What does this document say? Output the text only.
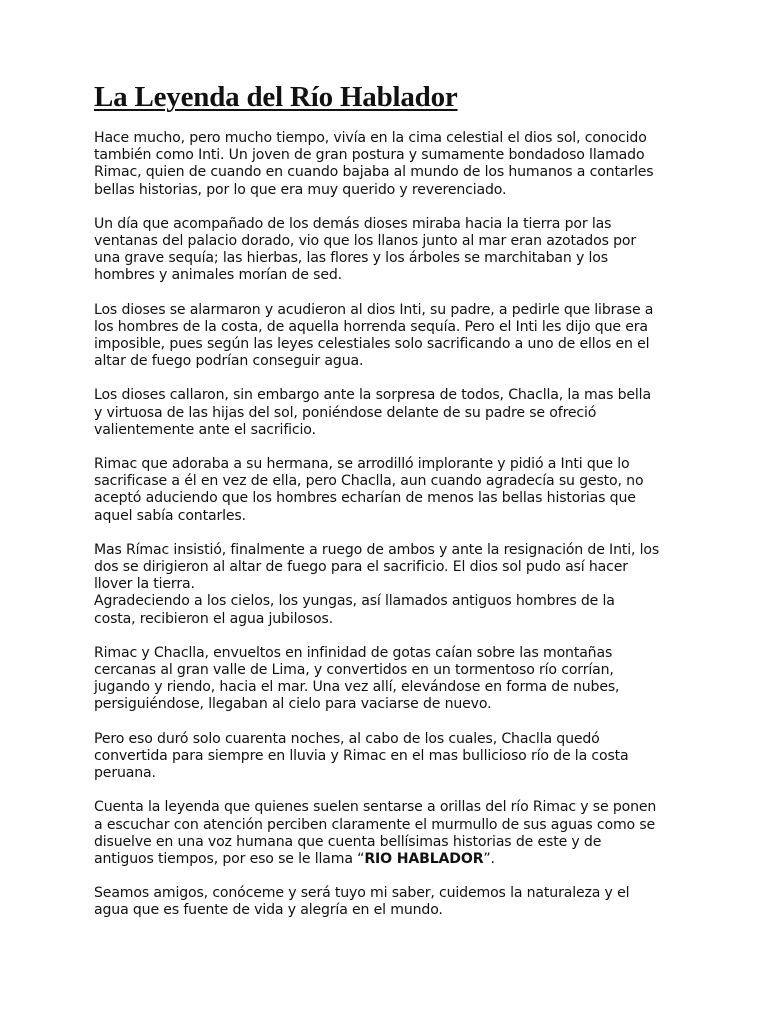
La Leyenda del Río Hablador

Hace mucho, pero mucho tiempo, vivía en la cima celestial el dios sol, conocido
también como Inti. Un joven de gran postura y sumamente bondadoso llamado
Rimac, quien de cuando en cuando bajaba al mundo de los humanos a contarles
bellas historias, por lo que era muy querido y reverenciado.

Un día que acompañado de los demás dioses miraba hacia la tierra por las
ventanas del palacio dorado, vio que los llanos junto al mar eran azotados por
una grave sequía; las hierbas, las flores y los árboles se marchitaban y los
hombres y animales morían de sed.

Los dioses se alarmaron y acudieron al dios Inti, su padre, a pedirle que librase a
los hombres de la costa, de aquella horrenda sequía. Pero el Inti les dijo que era
imposible, pues según las leyes celestiales solo sacrificando a uno de ellos en el
altar de fuego podrían conseguir agua.

Los dioses callaron, sin embargo ante la sorpresa de todos, Chaclla, la mas bella
y virtuosa de las hijas del sol, poniéndose delante de su padre se ofreció
valientemente ante el sacrificio.

Rimac que adoraba a su hermana, se arrodilló implorante y pidió a Inti que lo
sacrificase a él en vez de ella, pero Chaclla, aun cuando agradecía su gesto, no
aceptó aduciendo que los hombres echarían de menos las bellas historias que
aquel sabía contarles.

Mas Rímac insistió, finalmente a ruego de ambos y ante la resignación de Inti, los
dos se dirigieron al altar de fuego para el sacrificio. El dios sol pudo así hacer
llover la tierra.
Agradeciendo a los cielos, los yungas, así llamados antiguos hombres de la
costa, recibieron el agua jubilosos.

Rimac y Chaclla, envueltos en infinidad de gotas caían sobre las montañas
cercanas al gran valle de Lima, y convertidos en un tormentoso río corrían,
jugando y riendo, hacia el mar. Una vez allí, elevándose en forma de nubes,
persiguiéndose, llegaban al cielo para vaciarse de nuevo.

Pero eso duró solo cuarenta noches, al cabo de los cuales, Chaclla quedó
convertida para siempre en lluvia y Rimac en el mas bullicioso río de la costa
peruana.

Cuenta la leyenda que quienes suelen sentarse a orillas del río Rimac y se ponen
a escuchar con atención perciben claramente el murmullo de sus aguas como se
disuelve en una voz humana que cuenta bellísimas historias de este y de
antiguos tiempos, por eso se le llama “RIO HABLADOR”.

Seamos amigos, conóceme y será tuyo mi saber, cuidemos la naturaleza y el
agua que es fuente de vida y alegría en el mundo.
